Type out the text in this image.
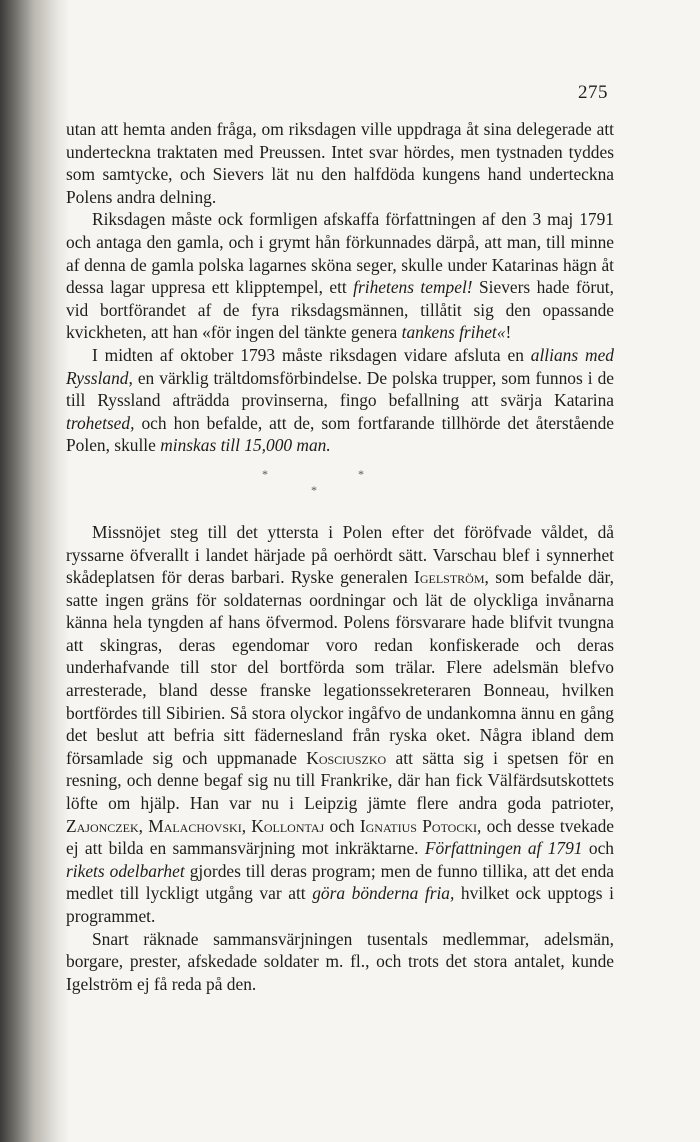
275

utan att hemta anden fråga, om riksdagen ville uppdraga åt sina delegerade att underteckna traktaten med Preussen. Intet svar hördes, men tystnaden tyddes som samtycke, och Sievers lät nu den halfdöda kungens hand underteckna Polens andra delning.

Riksdagen måste ock formligen afskaffa författningen af den 3 maj 1791 och antaga den gamla, och i grymt hån förkunnades därpå, att man, till minne af denna de gamla polska lagarnes sköna seger, skulle under Katarinas hägn åt dessa lagar uppresa ett klipptempel, ett frihetens tempel! Sievers hade förut, vid bortförandet af de fyra riksdagsmännen, tillåtit sig den opassande kvickheten, att han «för ingen del tänkte genera tankens frihet«!

I midten af oktober 1793 måste riksdagen vidare afsluta en allians med Ryssland, en värklig trältdomsförbindelse. De polska trupper, som funnos i de till Ryssland afträdda provinserna, fingo befallning att svärja Katarina trohetsed, och hon befalde, att de, som fortfarande tillhörde det återstående Polen, skulle minskas till 15,000 man.

*	*
*

Missnöjet steg till det yttersta i Polen efter det föröfvade våldet, då ryssarne öfverallt i landet härjade på oerhördt sätt. Varschau blef i synnerhet skådeplatsen för deras barbari. Ryske generalen Igelström, som befalde där, satte ingen gräns för soldaternas oordningar och lät de olyckliga invånarna känna hela tyngden af hans öfvermod. Polens försvarare hade blifvit tvungna att skingras, deras egendomar voro redan konfiskerade och deras underhafvande till stor del bortförda som trälar. Flere adelsmän blefvo arresterade, bland desse franske legationssekreteraren Bonneau, hvilken bortfördes till Sibirien. Så stora olyckor ingåfvo de undankomna ännu en gång det beslut att befria sitt fädernesland från ryska oket. Några ibland dem församlade sig och uppmanade Kosciuszko att sätta sig i spetsen för en resning, och denne begaf sig nu till Frankrike, där han fick Välfärdsutskottets löfte om hjälp. Han var nu i Leipzig jämte flere andra goda patrioter, Zajonczek, Malachovski, Kollontaj och Ignatius Potocki, och desse tvekade ej att bilda en sammansvärjning mot inkräktarne. Författningen af 1791 och rikets odelbarhet gjordes till deras program; men de funno tillika, att det enda medlet till lyckligt utgång var att göra bönderna fria, hvilket ock upptogs i programmet.

Snart räknade sammansvärjningen tusentals medlemmar, adelsmän, borgare, prester, afskedade soldater m. fl., och trots det stora antalet, kunde Igelström ej få reda på den.
